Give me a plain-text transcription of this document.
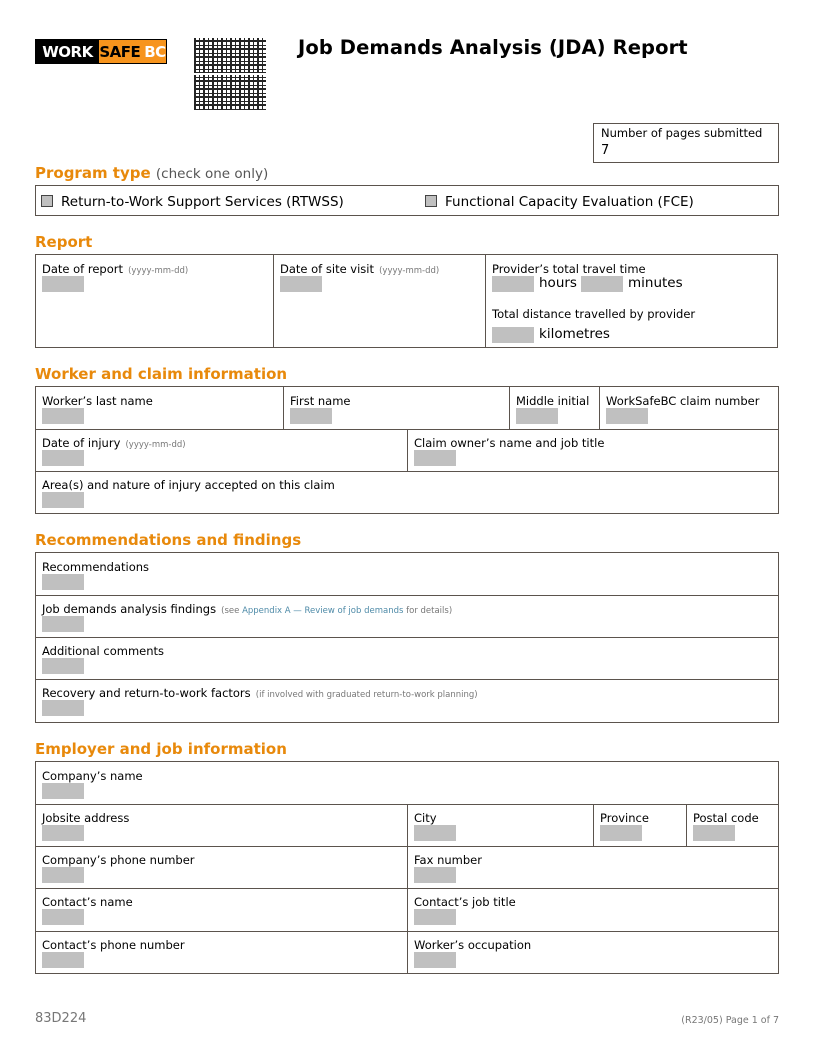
WORK SAFE BC	Job Demands Analysis (JDA) Report
Number of pages submitted
7
Program type (check one only)
Return-to-Work Support Services (RTWSS)	Functional Capacity Evaluation (FCE)
Report
Date of report (yyyy-mm-dd)	Date of site visit (yyyy-mm-dd)	Provider’s total travel time
hours	minutes
Total distance travelled by provider
kilometres
Worker and claim information
Worker’s last name	First name	Middle initial	WorkSafeBC claim number
Date of injury (yyyy-mm-dd)	Claim owner’s name and job title
Area(s) and nature of injury accepted on this claim
Recommendations and findings
Recommendations
Job demands analysis findings (see Appendix A — Review of job demands for details)
Additional comments
Recovery and return-to-work factors (if involved with graduated return-to-work planning)
Employer and job information
Company’s name
Jobsite address	City	Province	Postal code
Company’s phone number	Fax number
Contact’s name	Contact’s job title
Contact’s phone number	Worker’s occupation
83D224	(R23/05) Page 1 of 7
